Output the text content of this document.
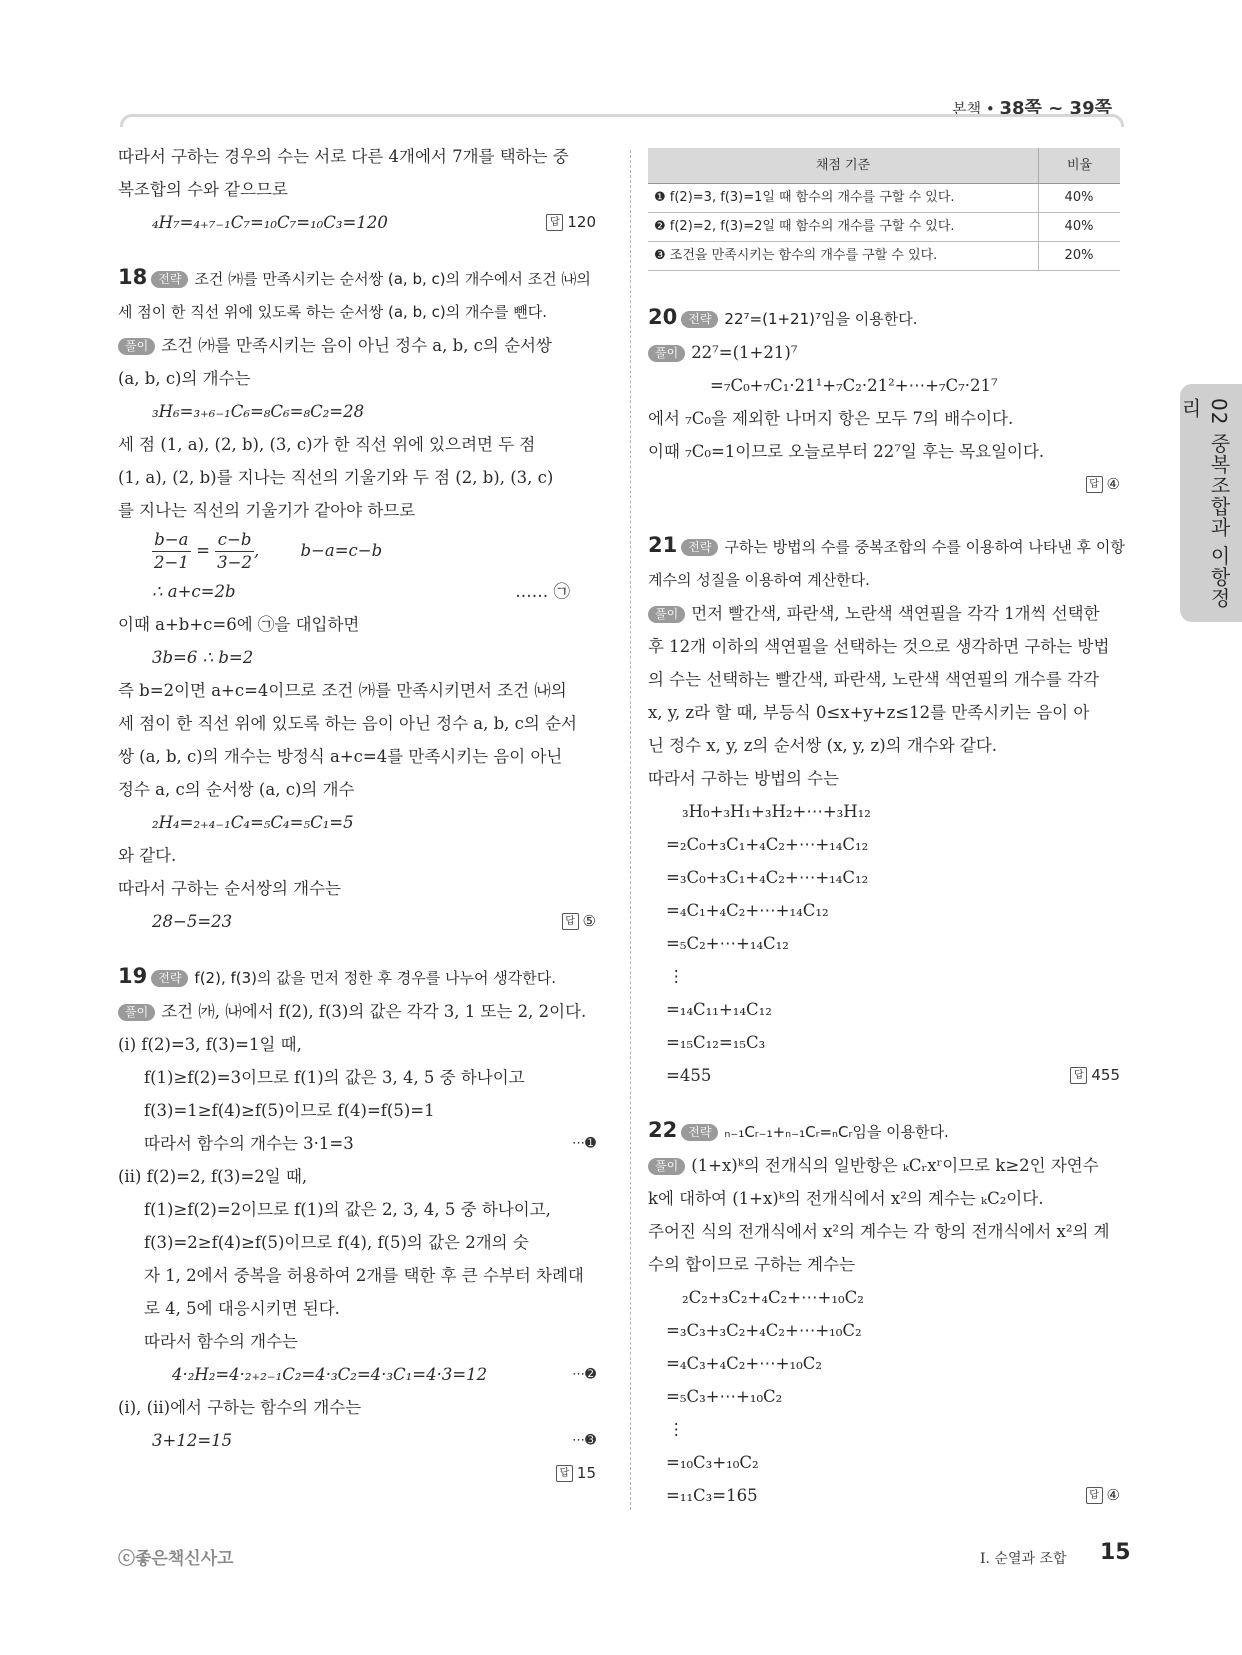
본책 • 38쪽 ~ 39쪽
따라서 구하는 경우의 수는 서로 다른 4개에서 7개를 택하는 중
복조합의 수와 같으므로
₄H₇=₄₊₇₋₁C₇=₁₀C₇=₁₀C₃=120	답 120
18 전략 조건 ㈎를 만족시키는 순서쌍 (a, b, c)의 개수에서 조건 ㈏의
세 점이 한 직선 위에 있도록 하는 순서쌍 (a, b, c)의 개수를 뺀다.
풀이 조건 ㈎를 만족시키는 음이 아닌 정수 a, b, c의 순서쌍
(a, b, c)의 개수는
₃H₆=₃₊₆₋₁C₆=₈C₆=₈C₂=28
세 점 (1, a), (2, b), (3, c)가 한 직선 위에 있으려면 두 점
(1, a), (2, b)를 지나는 직선의 기울기와 두 점 (2, b), (3, c)
를 지나는 직선의 기울기가 같아야 하므로
$\frac{b-a}{2-1} = \frac{c-b}{3-2}$ , b−a=c−b
∴ a+c=2b	…… ㉠
이때 a+b+c=6에 ㉠을 대입하면
3b=6 ∴ b=2
즉 b=2이면 a+c=4이므로 조건 ㈎를 만족시키면서 조건 ㈏의
세 점이 한 직선 위에 있도록 하는 음이 아닌 정수 a, b, c의 순서
쌍 (a, b, c)의 개수는 방정식 a+c=4를 만족시키는 음이 아닌
정수 a, c의 순서쌍 (a, c)의 개수
₂H₄=₂₊₄₋₁C₄=₅C₄=₅C₁=5
와 같다.
따라서 구하는 순서쌍의 개수는
28−5=23	답 ⑤
19 전략 f(2), f(3)의 값을 먼저 정한 후 경우를 나누어 생각한다.
풀이 조건 ㈎, ㈏에서 f(2), f(3)의 값은 각각 3, 1 또는 2, 2이다.
(ⅰ) f(2)=3, f(3)=1일 때,
f(1)≥f(2)=3이므로 f(1)의 값은 3, 4, 5 중 하나이고
f(3)=1≥f(4)≥f(5)이므로 f(4)=f(5)=1
따라서 함수의 개수는 3·1=3	⋯➊
(ⅱ) f(2)=2, f(3)=2일 때,
f(1)≥f(2)=2이므로 f(1)의 값은 2, 3, 4, 5 중 하나이고,
f(3)=2≥f(4)≥f(5)이므로 f(4), f(5)의 값은 2개의 숫
자 1, 2에서 중복을 허용하여 2개를 택한 후 큰 수부터 차례대
로 4, 5에 대응시키면 된다.
따라서 함수의 개수는
4·₂H₂=4·₂₊₂₋₁C₂=4·₃C₂=4·₃C₁=4·3=12	⋯➋
(ⅰ), (ⅱ)에서 구하는 함수의 개수는
3+12=15	⋯➌
답 15
채점 기준	비율
❶ f(2)=3, f(3)=1일 때 함수의 개수를 구할 수 있다.	40%
❷ f(2)=2, f(3)=2일 때 함수의 개수를 구할 수 있다.	40%
❸ 조건을 만족시키는 함수의 개수를 구할 수 있다.	20%
20 전략 22⁷=(1+21)⁷임을 이용한다.
풀이 22⁷=(1+21)⁷
=₇C₀+₇C₁·21¹+₇C₂·21²+⋯+₇C₇·21⁷
에서 ₇C₀을 제외한 나머지 항은 모두 7의 배수이다.
이때 ₇C₀=1이므로 오늘로부터 22⁷일 후는 목요일이다.
답 ④
21 전략 구하는 방법의 수를 중복조합의 수를 이용하여 나타낸 후 이항
계수의 성질을 이용하여 계산한다.
풀이 먼저 빨간색, 파란색, 노란색 색연필을 각각 1개씩 선택한
후 12개 이하의 색연필을 선택하는 것으로 생각하면 구하는 방법
의 수는 선택하는 빨간색, 파란색, 노란색 색연필의 개수를 각각
x, y, z라 할 때, 부등식 0≤x+y+z≤12를 만족시키는 음이 아
닌 정수 x, y, z의 순서쌍 (x, y, z)의 개수와 같다.
따라서 구하는 방법의 수는
₃H₀+₃H₁+₃H₂+⋯+₃H₁₂
=₂C₀+₃C₁+₄C₂+⋯+₁₄C₁₂
=₃C₀+₃C₁+₄C₂+⋯+₁₄C₁₂
=₄C₁+₄C₂+⋯+₁₄C₁₂
=₅C₂+⋯+₁₄C₁₂
⋮
=₁₄C₁₁+₁₄C₁₂
=₁₅C₁₂=₁₅C₃
=455	답 455
22 전략 ₙ₋₁Cᵣ₋₁+ₙ₋₁Cᵣ=ₙCᵣ임을 이용한다.
풀이 (1+x)ᵏ의 전개식의 일반항은 ₖCᵣxʳ이므로 k≥2인 자연수
k에 대하여 (1+x)ᵏ의 전개식에서 x²의 계수는 ₖC₂이다.
주어진 식의 전개식에서 x²의 계수는 각 항의 전개식에서 x²의 계
수의 합이므로 구하는 계수는
₂C₂+₃C₂+₄C₂+⋯+₁₀C₂
=₃C₃+₃C₂+₄C₂+⋯+₁₀C₂
=₄C₃+₄C₂+⋯+₁₀C₂
=₅C₃+⋯+₁₀C₂
⋮
=₁₀C₃+₁₀C₂
=₁₁C₃=165	답 ④
02 중복조합과 이항정리
ⓒ좋은책신사고	Ⅰ. 순열과 조합 15
